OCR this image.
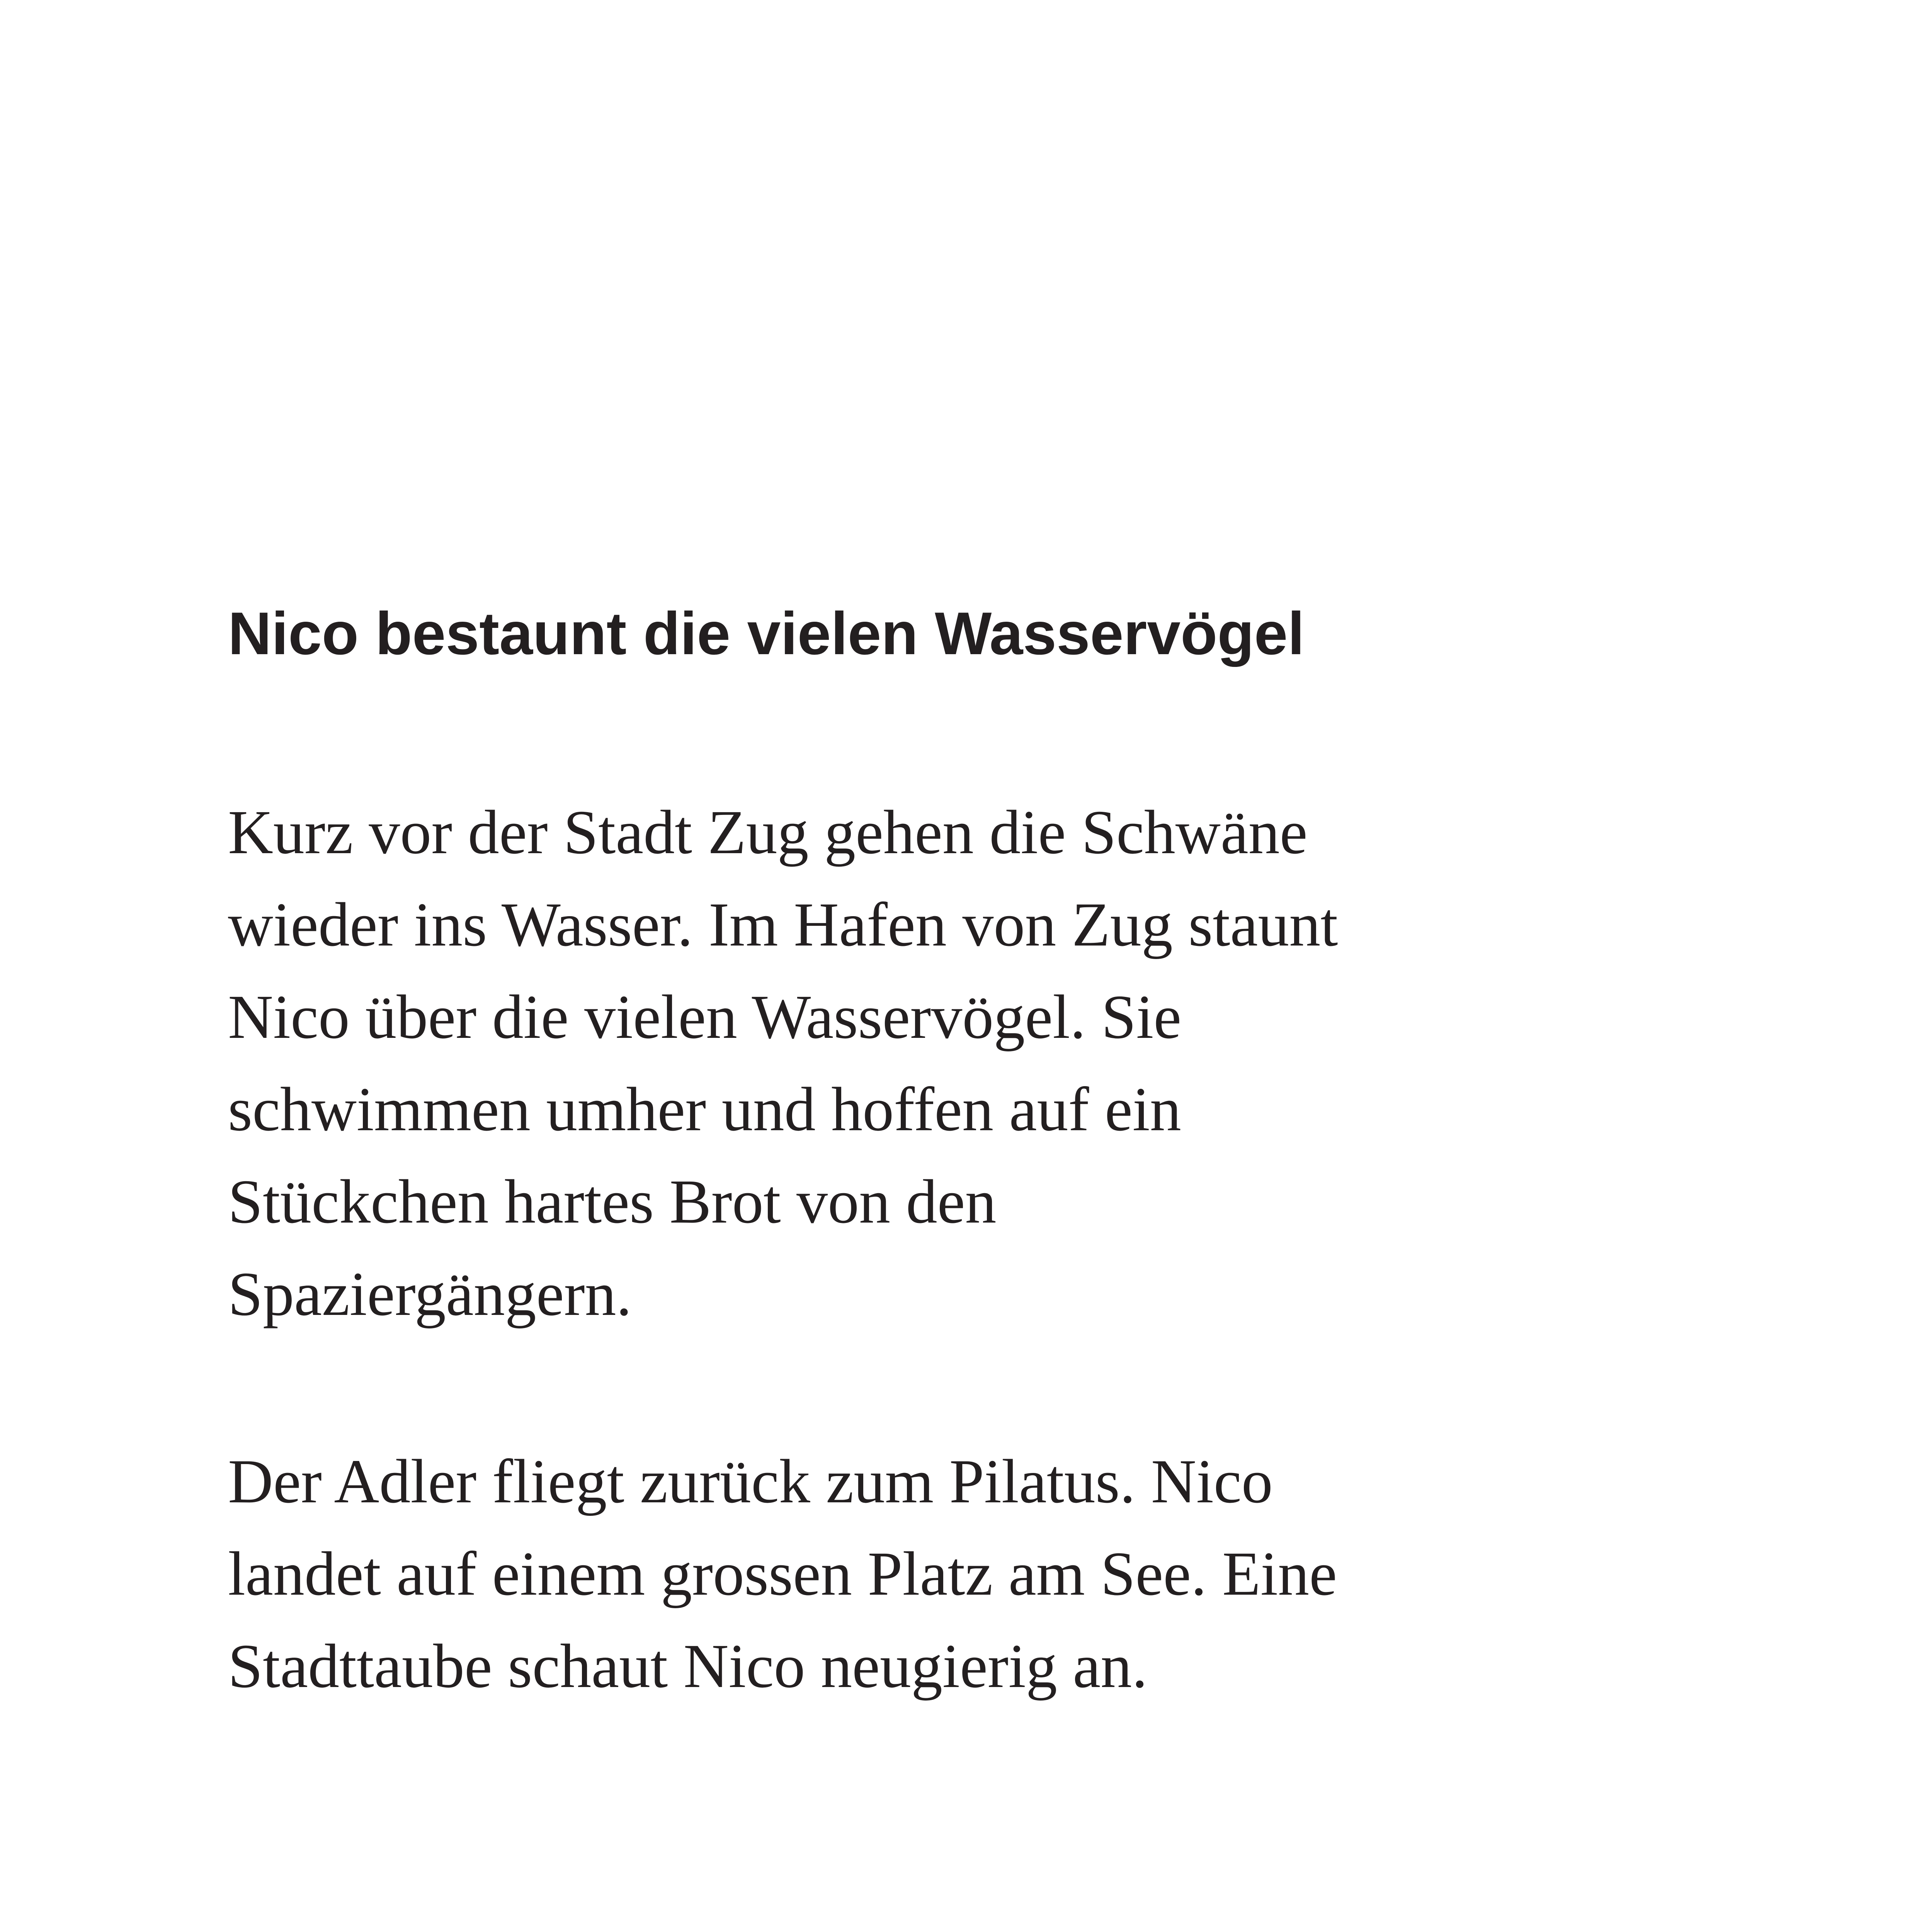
Nico bestaunt die vielen Wasservögel

Kurz vor der Stadt Zug gehen die Schwäne
wieder ins Wasser. Im Hafen von Zug staunt
Nico über die vielen Wasservögel. Sie
schwimmen umher und hoffen auf ein
Stückchen hartes Brot von den
Spaziergängern.

Der Adler fliegt zurück zum Pilatus. Nico
landet auf einem grossen Platz am See. Eine
Stadttaube schaut Nico neugierig an.
